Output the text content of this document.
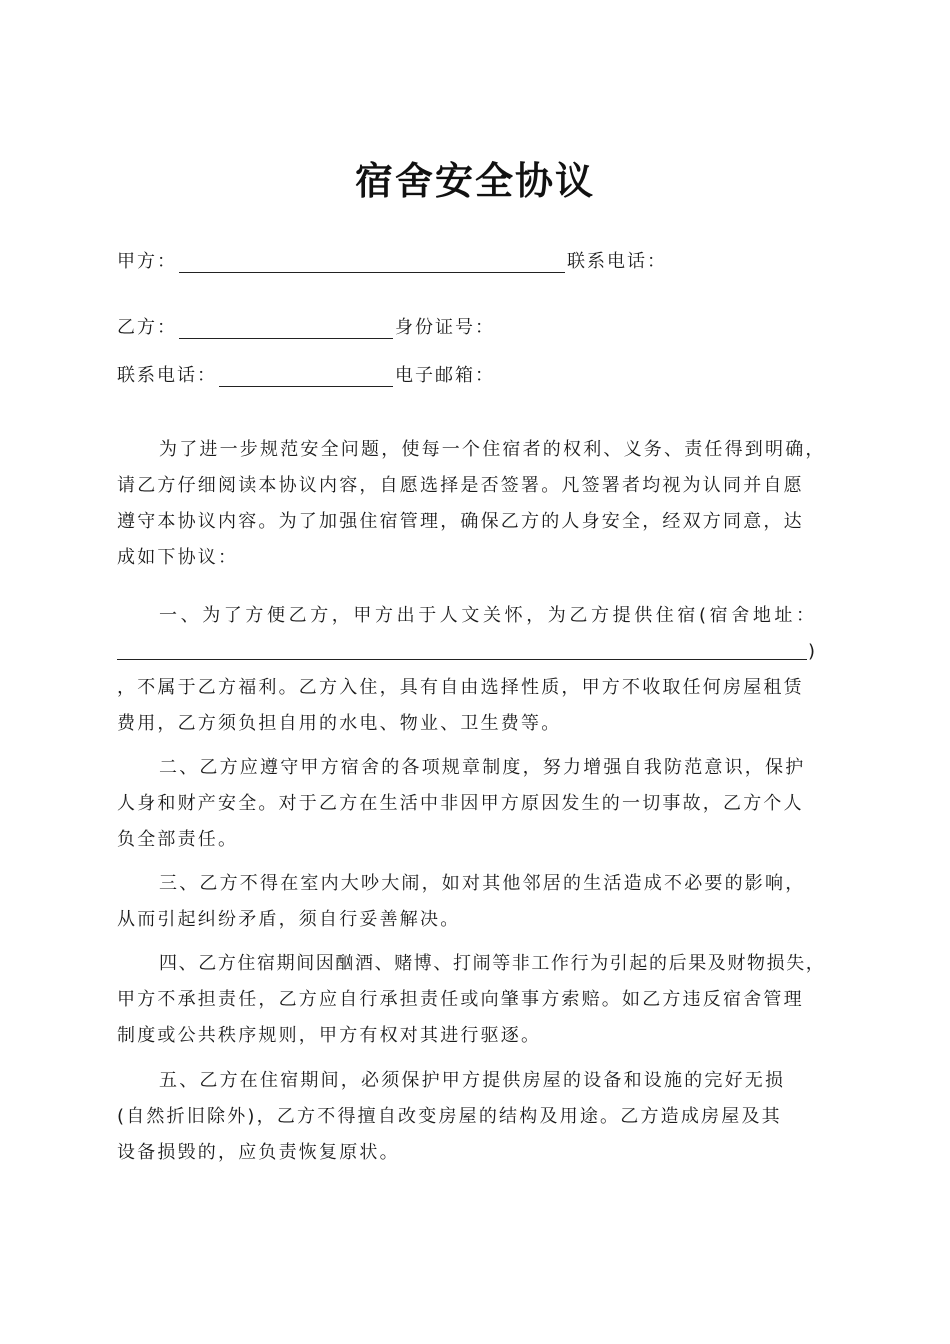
宿舍安全协议
甲方：	联系电话：
乙方：	身份证号：
联系电话：	电子邮箱：
为了进一步规范安全问题，使每一个住宿者的权利、义务、责任得到明确，
请乙方仔细阅读本协议内容，自愿选择是否签署。凡签署者均视为认同并自愿
遵守本协议内容。为了加强住宿管理，确保乙方的人身安全，经双方同意，达
成如下协议：
一、为了方便乙方，甲方出于人文关怀，为乙方提供住宿(宿舍地址：
)
，不属于乙方福利。乙方入住，具有自由选择性质，甲方不收取任何房屋租赁
费用，乙方须负担自用的水电、物业、卫生费等。
二、乙方应遵守甲方宿舍的各项规章制度，努力增强自我防范意识，保护
人身和财产安全。对于乙方在生活中非因甲方原因发生的一切事故，乙方个人
负全部责任。
三、乙方不得在室内大吵大闹，如对其他邻居的生活造成不必要的影响，
从而引起纠纷矛盾，须自行妥善解决。
四、乙方住宿期间因酗酒、赌博、打闹等非工作行为引起的后果及财物损失，
甲方不承担责任，乙方应自行承担责任或向肇事方索赔。如乙方违反宿舍管理
制度或公共秩序规则，甲方有权对其进行驱逐。
五、乙方在住宿期间，必须保护甲方提供房屋的设备和设施的完好无损
(自然折旧除外)，乙方不得擅自改变房屋的结构及用途。乙方造成房屋及其
设备损毁的，应负责恢复原状。
